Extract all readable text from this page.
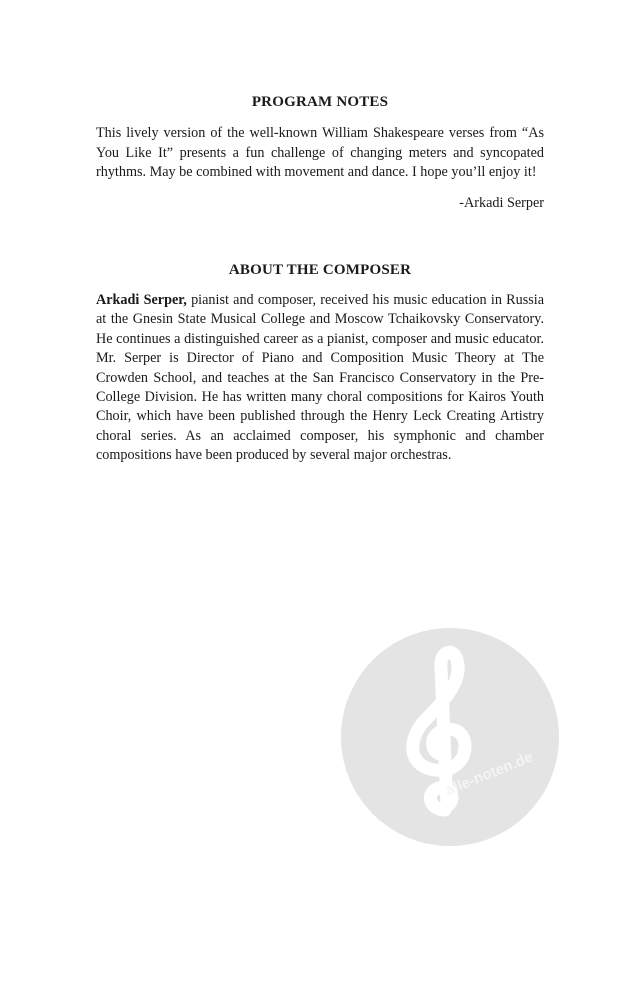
PROGRAM NOTES

This lively version of the well-known William Shakespeare verses from “As You Like It” presents a fun challenge of changing meters and syncopated rhythms. May be combined with movement and dance. I hope you’ll enjoy it!

-Arkadi Serper

ABOUT THE COMPOSER

Arkadi Serper, pianist and composer, received his music education in Russia at the Gnesin State Musical College and Moscow Tchaikovsky Conservatory. He continues a distinguished career as a pianist, composer and music educator. Mr. Serper is Director of Piano and Composition Music Theory at The Crowden School, and teaches at the San Francisco Conservatory in the Pre-College Division. He has written many choral compositions for Kairos Youth Choir, which have been published through the Henry Leck Creating Artistry choral series. As an acclaimed composer, his symphonic and chamber compositions have been produced by several major orchestras.

alle-noten.de
